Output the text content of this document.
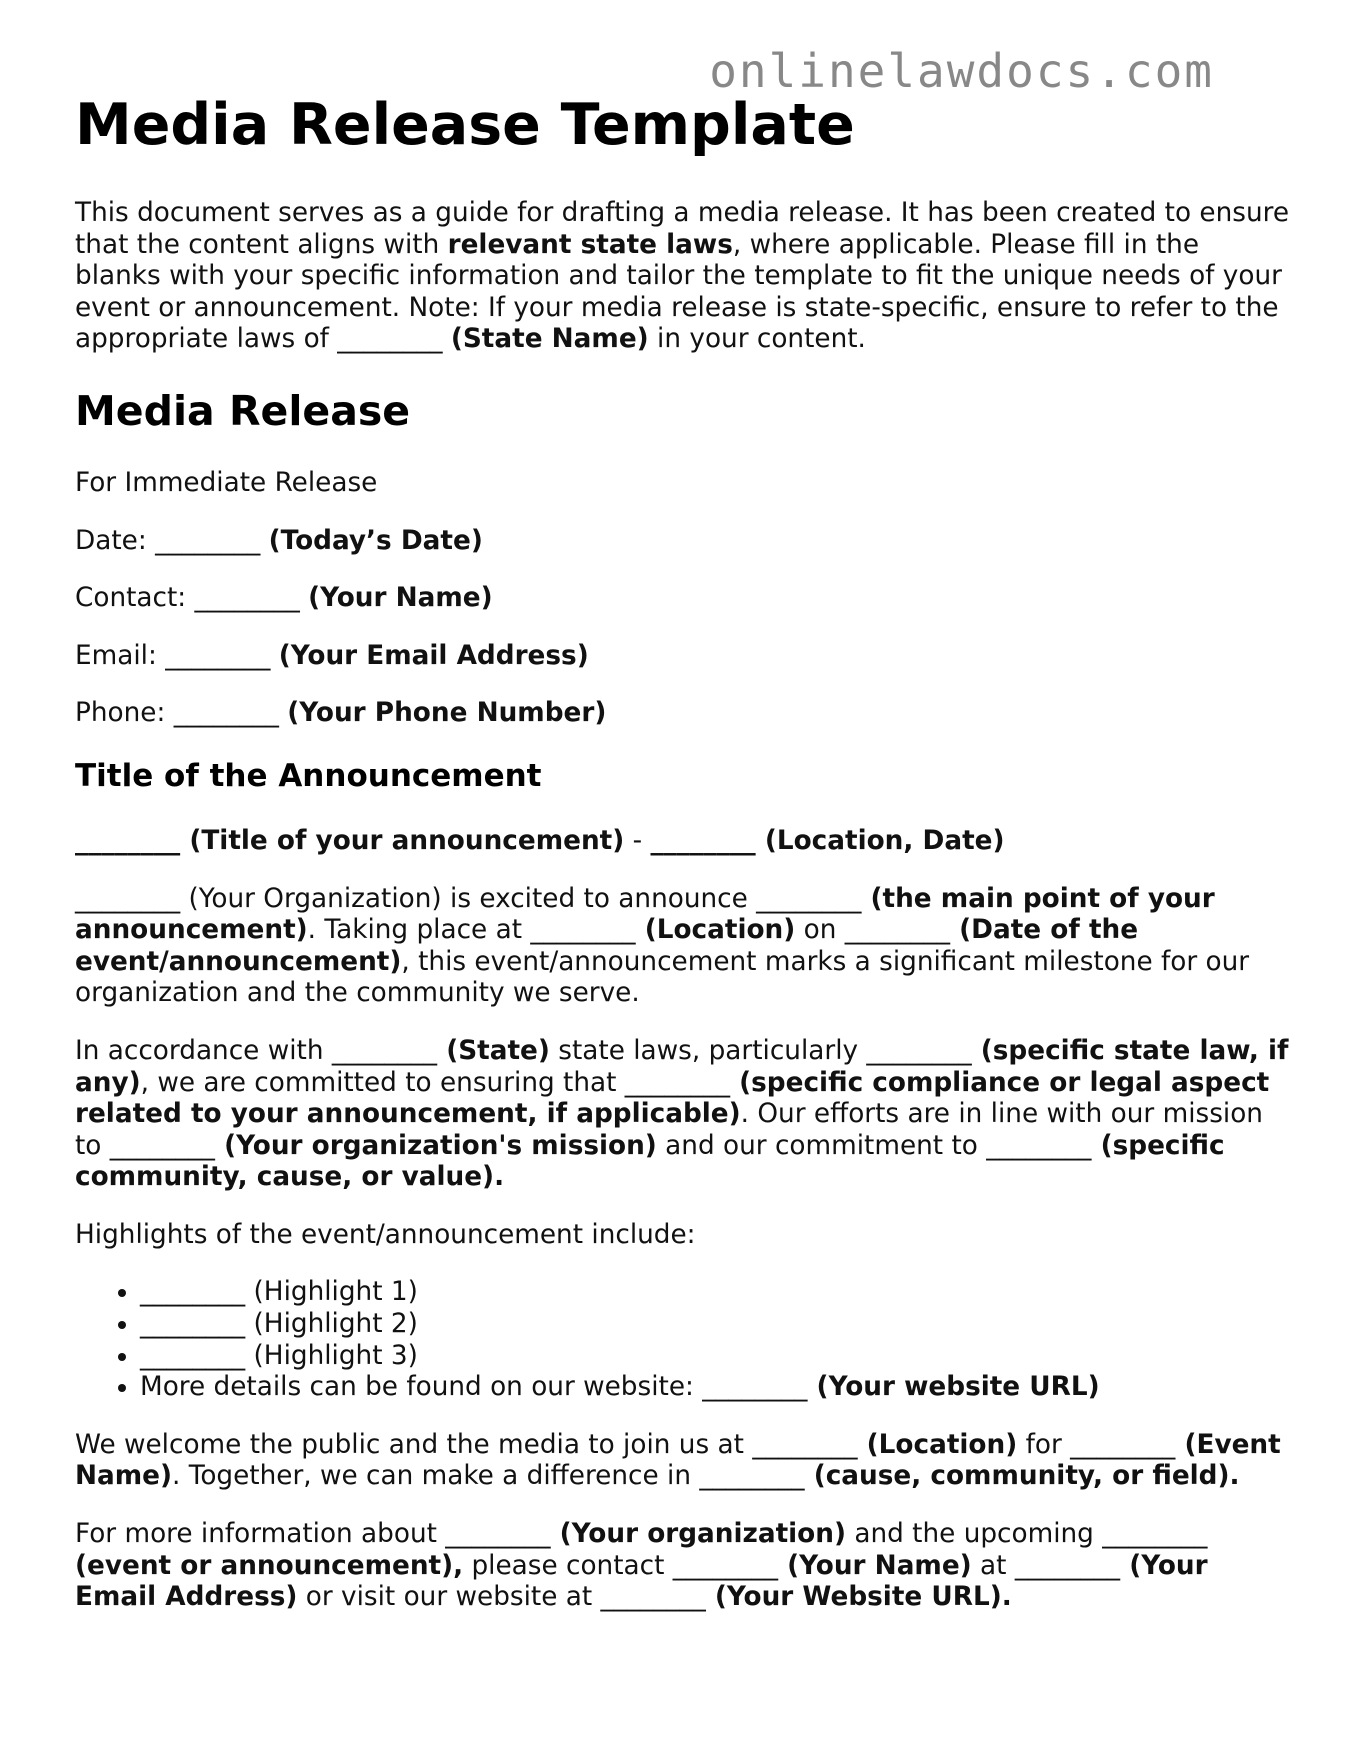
onlinelawdocs.com
Media Release Template

This document serves as a guide for drafting a media release. It has been created to ensure that the content aligns with relevant state laws, where applicable. Please fill in the blanks with your specific information and tailor the template to fit the unique needs of your event or announcement. Note: If your media release is state-specific, ensure to refer to the appropriate laws of ________ (State Name) in your content.

Media Release

For Immediate Release

Date: ________ (Today’s Date)

Contact: ________ (Your Name)

Email: ________ (Your Email Address)

Phone: ________ (Your Phone Number)

Title of the Announcement

________ (Title of your announcement) - ________ (Location, Date)

________ (Your Organization) is excited to announce ________ (the main point of your announcement). Taking place at ________ (Location) on ________ (Date of the event/announcement), this event/announcement marks a significant milestone for our organization and the community we serve.

In accordance with ________ (State) state laws, particularly ________ (specific state law, if any), we are committed to ensuring that ________ (specific compliance or legal aspect related to your announcement, if applicable). Our efforts are in line with our mission to ________ (Your organization's mission) and our commitment to ________ (specific community, cause, or value).

Highlights of the event/announcement include:

• ________ (Highlight 1)
• ________ (Highlight 2)
• ________ (Highlight 3)
• More details can be found on our website: ________ (Your website URL)

We welcome the public and the media to join us at ________ (Location) for ________ (Event Name). Together, we can make a difference in ________ (cause, community, or field).

For more information about ________ (Your organization) and the upcoming ________ (event or announcement), please contact ________ (Your Name) at ________ (Your Email Address) or visit our website at ________ (Your Website URL).
